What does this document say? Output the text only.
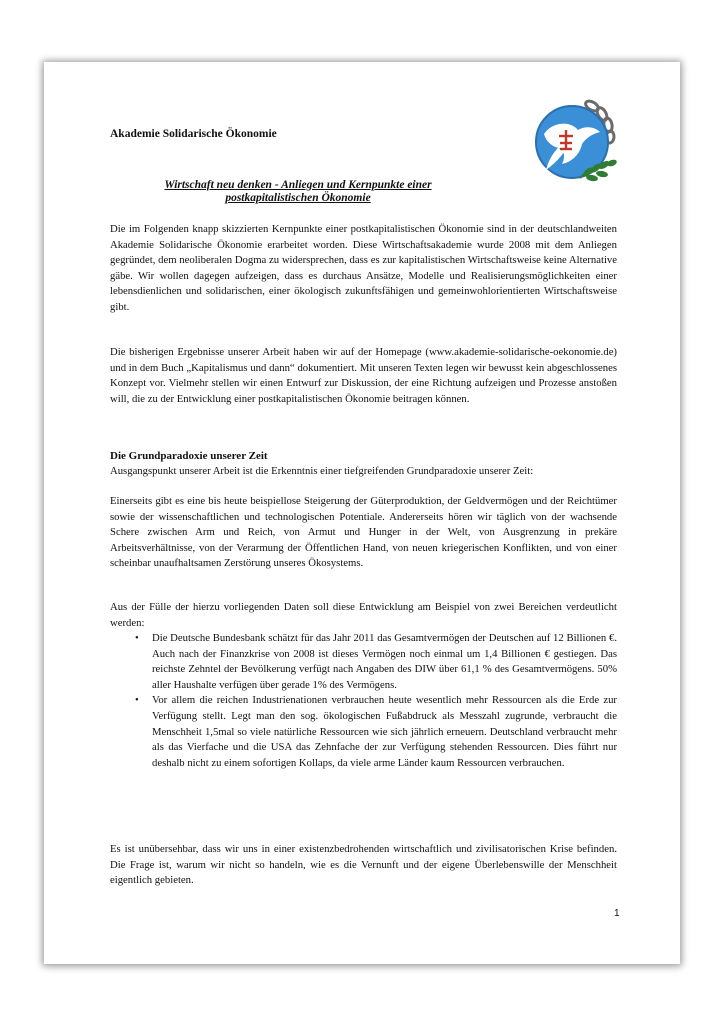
Akademie Solidarische Ökonomie
Wirtschaft neu denken - Anliegen und Kernpunkte einer
postkapitalistischen Ökonomie

Die im Folgenden knapp skizzierten Kernpunkte einer postkapitalistischen Ökonomie sind in der deutschlandweiten Akademie Solidarische Ökonomie erarbeitet worden. Diese Wirtschaftsakademie wurde 2008 mit dem Anliegen gegründet, dem neoliberalen Dogma zu widersprechen, dass es zur kapitalistischen Wirtschaftsweise keine Alternative gäbe. Wir wollen dagegen aufzeigen, dass es durchaus Ansätze, Modelle und Realisierungsmöglichkeiten einer lebensdienlichen und solidarischen, einer ökologisch zukunftsfähigen und gemeinwohlorientierten Wirtschaftsweise gibt.

Die bisherigen Ergebnisse unserer Arbeit haben wir auf der Homepage (www.akademie-solidarische-oekonomie.de) und in dem Buch „Kapitalismus und dann“ dokumentiert. Mit unseren Texten legen wir bewusst kein abgeschlossenes Konzept vor. Vielmehr stellen wir einen Entwurf zur Diskussion, der eine Richtung aufzeigen und Prozesse anstoßen will, die zu der Entwicklung einer postkapitalistischen Ökonomie beitragen können.

Die Grundparadoxie unserer Zeit

Ausgangspunkt unserer Arbeit ist die Erkenntnis einer tiefgreifenden Grundparadoxie unserer Zeit:

Einerseits gibt es eine bis heute beispiellose Steigerung der Güterproduktion, der Geldvermögen und der Reichtümer sowie der wissenschaftlichen und technologischen Potentiale. Andererseits hören wir täglich von der wachsende Schere zwischen Arm und Reich, von Armut und Hunger in der Welt, von Ausgrenzung in prekäre Arbeitsverhältnisse, von der Verarmung der Öffentlichen Hand, von neuen kriegerischen Konflikten, und von einer scheinbar unaufhaltsamen Zerstörung unseres Ökosystems.

Aus der Fülle der hierzu vorliegenden Daten soll diese Entwicklung am Beispiel von zwei Bereichen verdeutlicht werden:

• Die Deutsche Bundesbank schätzt für das Jahr 2011 das Gesamtvermögen der Deutschen auf 12 Billionen €. Auch nach der Finanzkrise von 2008 ist dieses Vermögen noch einmal um 1,4 Billionen € gestiegen. Das reichste Zehntel der Bevölkerung verfügt nach Angaben des DIW über 61,1 % des Gesamtvermögens. 50% aller Haushalte verfügen über gerade 1% des Vermögens.
• Vor allem die reichen Industrienationen verbrauchen heute wesentlich mehr Ressourcen als die Erde zur Verfügung stellt. Legt man den sog. ökologischen Fußabdruck als Messzahl zugrunde, verbraucht die Menschheit 1,5mal so viele natürliche Ressourcen wie sich jährlich erneuern. Deutschland verbraucht mehr als das Vierfache und die USA das Zehnfache der zur Verfügung stehenden Ressourcen. Dies führt nur deshalb nicht zu einem sofortigen Kollaps, da viele arme Länder kaum Ressourcen verbrauchen.

Es ist unübersehbar, dass wir uns in einer existenzbedrohenden wirtschaftlich und zivilisatorischen Krise befinden. Die Frage ist, warum wir nicht so handeln, wie es die Vernunft und der eigene Überlebenswille der Menschheit eigentlich gebieten.

1
